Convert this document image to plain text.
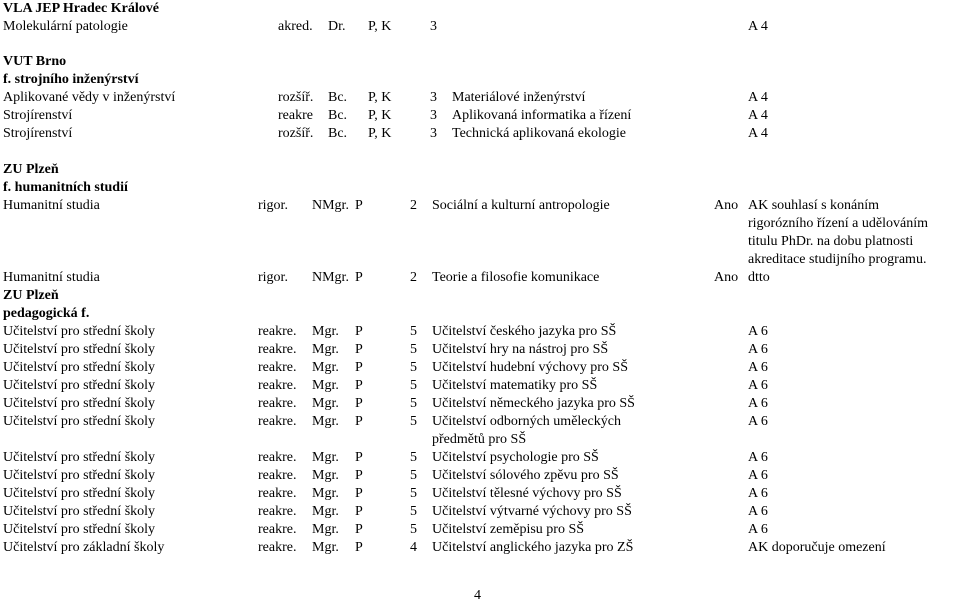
VLA JEP Hradec Králové
Molekulární patologie	akred. Dr. P, K	3	A 4
VUT Brno
f. strojního inženýrství
Aplikované vědy v inženýrství	rozšíř. Bc. P, K	3 Materiálové inženýrství	A 4
Strojírenství	reakre Bc. P, K	3 Aplikovaná informatika a řízení	A 4
Strojírenství	rozšíř. Bc. P, K	3 Technická aplikovaná ekologie	A 4
ZU Plzeň
f. humanitních studií
Humanitní studia	rigor. NMgr. P	2 Sociální a kulturní antropologie	Ano AK souhlasí s konáním
rigorózního řízení a udělováním
titulu PhDr. na dobu platnosti
akreditace studijního programu.
Humanitní studia	rigor. NMgr. P	2 Teorie a filosofie komunikace	Ano dtto
ZU Plzeň
pedagogická f.
Učitelství pro střední školy	reakre. Mgr. P	5 Učitelství českého jazyka pro SŠ	A 6
Učitelství pro střední školy	reakre. Mgr. P	5 Učitelství hry na nástroj pro SŠ	A 6
Učitelství pro střední školy	reakre. Mgr. P	5 Učitelství hudební výchovy pro SŠ	A 6
Učitelství pro střední školy	reakre. Mgr. P	5 Učitelství matematiky pro SŠ	A 6
Učitelství pro střední školy	reakre. Mgr. P	5 Učitelství německého jazyka pro SŠ	A 6
Učitelství pro střední školy	reakre. Mgr. P	5 Učitelství odborných uměleckých	A 6
předmětů pro SŠ
Učitelství pro střední školy	reakre. Mgr. P	5 Učitelství psychologie pro SŠ	A 6
Učitelství pro střední školy	reakre. Mgr. P	5 Učitelství sólového zpěvu pro SŠ	A 6
Učitelství pro střední školy	reakre. Mgr. P	5 Učitelství tělesné výchovy pro SŠ	A 6
Učitelství pro střední školy	reakre. Mgr. P	5 Učitelství výtvarné výchovy pro SŠ	A 6
Učitelství pro střední školy	reakre. Mgr. P	5 Učitelství zeměpisu pro SŠ	A 6
Učitelství pro základní školy	reakre. Mgr. P	4 Učitelství anglického jazyka pro ZŠ	AK doporučuje omezení
4
